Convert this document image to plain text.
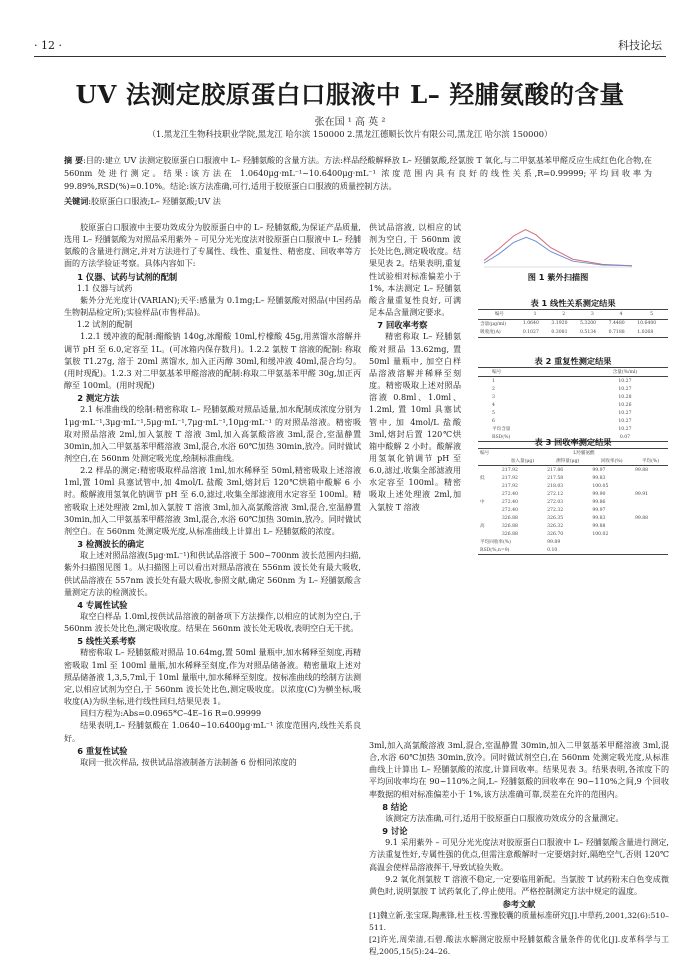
· 12 ·	科技论坛
UV 法测定胶原蛋白口服液中 L– 羟脯氨酸的含量
张在国 ¹ 高 英 ²
（1.黑龙江生物科技职业学院,黑龙江 哈尔滨 150000 2.黑龙江德顺长饮片有限公司,黑龙江 哈尔滨 150000）
摘 要:目的:建立 UV 法测定胶原蛋白口服液中 L– 羟脯氨酸的含量方法。方法:样品经酸解释放 L– 羟脯氨酸,经氯胺 T 氧化,与二甲氨基苯甲醛反应生成红色化合物,在 560nm 处进行测定。结果:该方法在 1.0640μg·mL⁻¹~10.6400μg·mL⁻¹ 浓度范围内具有良好的线性关系,R=0.99999;平均回收率为 99.89%,RSD(%)=0.10%。结论:该方法准确,可行,适用于胶原蛋白口服液的质量控制方法。
关键词:胶原蛋白口服液;L– 羟脯氨酸;UV 法

胶原蛋白口服液中主要功效成分为胶原蛋白中的 L– 羟脯氨酸,为保证产品质量,选用 L– 羟脯氨酸为对照品采用紫外 – 可见分光光度法对胶原蛋白口服液中 L– 羟脯氨酸的含量进行测定,并对方法进行了专属性、线性、重复性、精密度、回收率等方面的方法学验证考察。具体内容如下:

1 仪器、试药与试剂的配制
1.1 仪器与试药

紫外分光光度计(VARIAN);天平:感量为 0.1mg;L– 羟脯氨酸对照品(中国药品生物制品检定所);实验样品(市售样品)。

1.2 试剂的配制

1.2.1 缓冲液的配制:醋酸钠 140g,冰醋酸 10ml,柠檬酸 45g,用蒸馏水溶解并调节 pH 至 6.0,定容至 1L。(可冰箱内保存数月)。1.2.2 氯胺 T 溶液的配制: 称取氯胺 T1.27g, 溶于 20ml 蒸馏水, 加入正丙醇 30ml,和缓冲液 40ml,混合均匀。(用时现配)。1.2.3 对二甲氨基苯甲醛溶液的配制:称取二甲氨基苯甲醛 30g,加正丙醇至 100ml。(用时现配)

2 测定方法

2.1 标准曲线的绘制:精密称取 L– 羟脯氨酸对照品适量,加水配制成浓度分别为 1μg·mL⁻¹,3μg·mL⁻¹,5μg·mL⁻¹,7μg·mL⁻¹,10μg·mL⁻¹ 的对照品溶液。精密吸取对照品溶液 2ml,加入氯胺 T 溶液 3ml,加入高氯酸溶液 3ml,混合,室温静置 30min,加入二甲氨基苯甲醛溶液 3ml,混合,水浴 60℃加热 30min,放冷。同时做试剂空白,在 560nm 处测定吸光度,绘制标准曲线。

2.2 样品的测定:精密吸取样品溶液 1ml,加水稀释至 50ml,精密吸取上述溶液 1ml,置 10ml 具塞试管中,加 4mol/L 盐酸 3ml,熔封后 120℃烘箱中酸解 6 小时。酸解液用氢氧化钠调节 pH 至 6.0,滤过,收集全部滤液用水定容至 100ml。精密吸取上述处理液 2ml,加入氯胺 T 溶液 3ml,加入高氯酸溶液 3ml,混合,室温静置 30min,加入二甲氨基苯甲醛溶液 3ml,混合,水浴 60℃加热 30min,放冷。同时做试剂空白。在 560nm 处测定吸光度,从标准曲线上计算出 L– 羟脯氨酸的浓度。

3 检测波长的确定

取上述对照品溶液(5μg·mL⁻¹)和供试品溶液于 500~700nm 波长范围内扫描,紫外扫描图见图 1。从扫描图上可以看出对照品溶液在 556nm 波长处有最大吸收, 供试品溶液在 557nm 波长处有最大吸收,参照文献,确定 560nm 为 L– 羟脯氨酸含量测定方法的检测波长。

4 专属性试验

取空白样品 1.0ml,按供试品溶液的制备项下方法操作,以相应的试剂为空白,于 560nm 波长处比色,测定吸收度。结果在 560nm 波长处无吸收,表明空白无干扰。

5 线性关系考察

精密称取 L– 羟脯氨酸对照品 10.64mg,置 50ml 量瓶中,加水稀释至刻度,再精密吸取 1ml 至 100ml 量瓶,加水稀释至刻度,作为对照品储备液。精密量取上述对照品储备液 1,3,5,7ml,于 10ml 量瓶中,加水稀释至刻度。按标准曲线的绘制方法测定,以相应试剂为空白,于 560nm 波长处比色,测定吸收度。以浓度(C)为横坐标,吸收度(A)为纵坐标,进行线性回归,结果见表 1。

回归方程为:Abs=0.0965*C–4E–16 R=0.99999

结果表明,L– 羟脯氨酸在 1.0640~10.6400μg·mL⁻¹ 浓度范围内,线性关系良好。

6 重复性试验

取同一批次样品, 按供试品溶液制备方法制备 6 份相同浓度的

供试品溶液, 以相应的试剂为空白, 于 560nm 波长处比色,测定吸收度。结果见表 2。结果表明,重复性试验相对标准偏差小于 1%, 本法测定 L– 羟脯氨酸含量重复性良好, 可满足本品含量测定要求。

7 回收率考察

精密称取 L– 羟脯氨酸对照品 13.62mg, 置 50ml 量瓶中, 加空白样品溶液溶解并稀释至刻度。精密吸取上述对照品溶液 0.8ml、1.0ml、1.2ml, 置 10ml 具塞试管中, 加 4mol/L 盐酸 3ml,熔封后置 120℃烘箱中酸解 2 小时。酸解液用氢氧化钠调节 pH 至 6.0,滤过,收集全部滤液用水定容至 100ml。精密吸取上述处理液 2ml,加入氯胺 T 溶液

图 1 紫外扫描图
表 1 线性关系测定结果
编号	1	2	3	4	5
含量(μg/ml)	1.0640	3.1920	5.3200	7.4480	10.6400
吸收度(A)	0.1027	0.3081	0.5134	0.7188	1.0268
表 2 重复性测定结果
编号	含量(%/ml)
1	10.27
2	10.27
3	10.28
4	10.26
5	10.27
6	10.27
平均含量	10.27
RSD(%)	0.07
表 3 回收率测定结果
编号	L羟脯氨酸			
	加入量(μg)	测得量(μg)	回收率(%)	平均(%)
	217.92	217.86	99.97	99.88
低	217.92	217.58	99.83	
	217.92	218.03	100.05	
	272.40	272.12	99.90	99.91
中	272.40	272.03	99.86	
	272.40	272.32	99.97	
	326.88	326.35	99.83	99.88
高	326.88	326.32	99.88	
	326.88	326.70	100.02	
平均回收率(%)		99.89		
RSD(%,n=9)		0.10		

3ml,加入高氯酸溶液 3ml,混合,室温静置 30min,加入二甲氨基苯甲醛溶液 3ml,混合,水浴 60℃加热 30min,放冷。同时做试剂空白,在 560nm 处测定吸光度,从标准曲线上计算出 L– 羟脯氨酸的浓度,计算回收率。结果见表 3。结果表明,各浓度下的平均回收率均在 90~110%之间,L– 羟脯氨酸的回收率在 90~110%之间,9 个回收率数据的相对标准偏差小于 1%,该方法准确可靠,误差在允许的范围内。

8 结论

该测定方法准确,可行,适用于胶原蛋白口服液功效成分的含量测定。

9 讨论

9.1 采用紫外 – 可见分光光度法对胶原蛋白口服液中 L– 羟脯氨酸含量进行测定,方法重复性好,专属性强的优点,但需注意酸解时一定要熔封好,隔绝空气,否则 120℃高温会使样品溶液挥干,导致试验失败。

9.2 氧化剂氯胺 T 溶液不稳定,一定要临用新配。当氯胺 T 试药粉末白色变成微黄色时,说明氯胺 T 试药氧化了,停止使用。严格控制测定方法中规定的温度。

参考文献
[1]魏立新,张宝琛,陶燕锋,杜玉枝.雪豫胶囊的质量标准研究[J].中草药,2001,32(6):510–511.
[2]许光,周荣清,石碧.酸法水解测定胶原中羟脯氨酸含量条件的优化[J].皮革科学与工程,2005,15(5):24–26.
